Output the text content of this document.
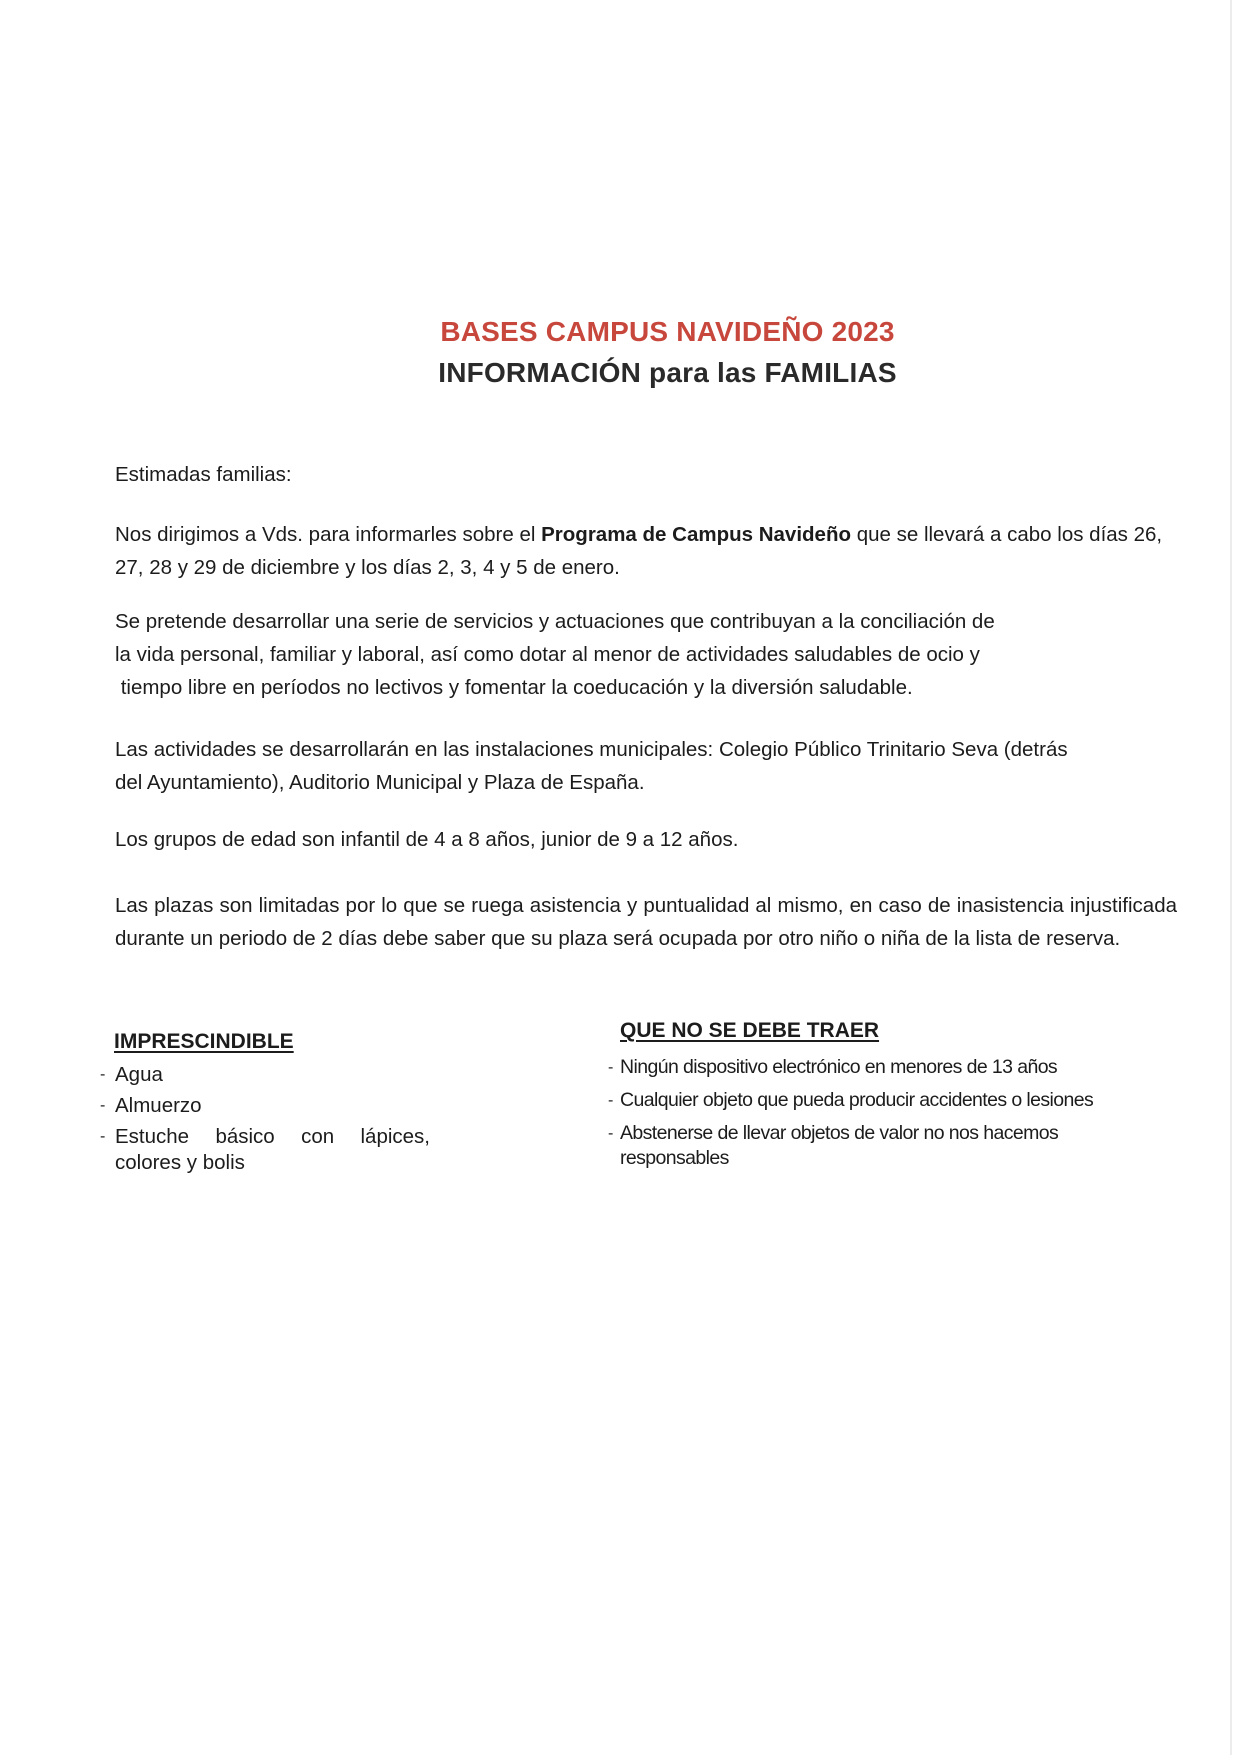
BASES CAMPUS NAVIDEÑO 2023
INFORMACIÓN para las FAMILIAS

Estimadas familias:

Nos dirigimos a Vds. para informarles sobre el Programa de Campus Navideño que se llevará a cabo los días 26, 27, 28 y 29 de diciembre y los días 2, 3, 4 y 5 de enero.

Se pretende desarrollar una serie de servicios y actuaciones que contribuyan a la conciliación de
la vida personal, familiar y laboral, así como dotar al menor de actividades saludables de ocio y
tiempo libre en períodos no lectivos y fomentar la coeducación y la diversión saludable.

Las actividades se desarrollarán en las instalaciones municipales: Colegio Público Trinitario Seva (detrás del Ayuntamiento), Auditorio Municipal y Plaza de España.

Los grupos de edad son infantil de 4 a 8 años, junior de 9 a 12 años.

Las plazas son limitadas por lo que se ruega asistencia y puntualidad al mismo, en caso de inasistencia injustificada durante un periodo de 2 días debe saber que su plaza será ocupada por otro niño o niña de la lista de reserva.

IMPRESCINDIBLE

- Agua
- Almuerzo
- Estuche básico con lápices, colores y bolis

QUE NO SE DEBE TRAER

- Ningún dispositivo electrónico en menores de 13 años
- Cualquier objeto que pueda producir accidentes o lesiones
- Abstenerse de llevar objetos de valor no nos hacemos responsables
